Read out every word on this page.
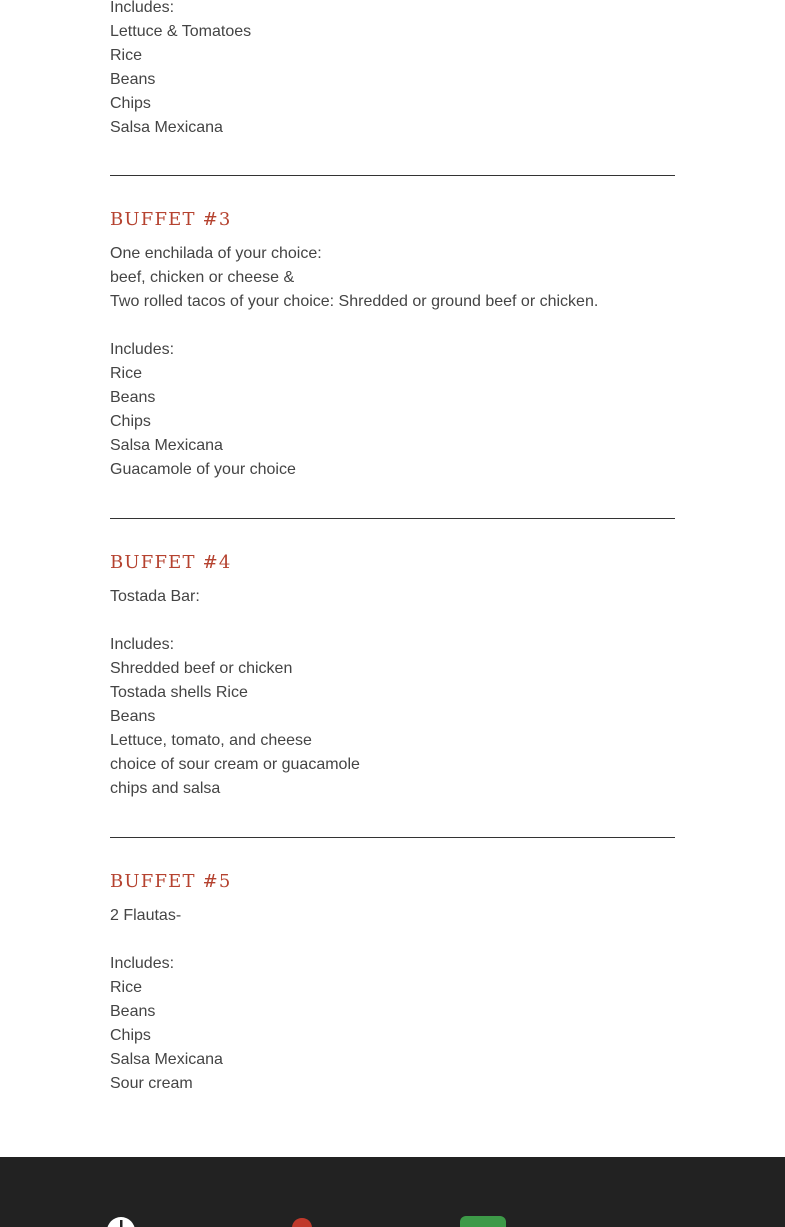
Includes:
Lettuce & Tomatoes
Rice
Beans
Chips
Salsa Mexicana
BUFFET #3
One enchilada of your choice:
beef, chicken or cheese &
Two rolled tacos of your choice: Shredded or ground beef or chicken.
Includes:
Rice
Beans
Chips
Salsa Mexicana
Guacamole of your choice
BUFFET #4
Tostada Bar:
Includes:
Shredded beef or chicken
Tostada shells Rice
Beans
Lettuce, tomato, and cheese
choice of sour cream or guacamole
chips and salsa
BUFFET #5
2 Flautas-
Includes:
Rice
Beans
Chips
Salsa Mexicana
Sour cream
